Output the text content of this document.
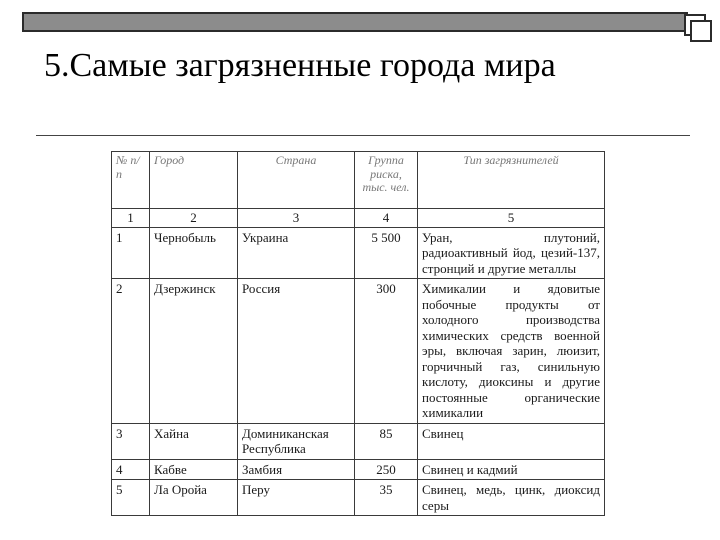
5.Самые загрязненные города мира
№ п/п	Город	Страна	Группа риска, тыс. чел.	Тип загрязнителей
1	2	3	4	5
1	Чернобыль	Украина	5 500	Уран, плутоний, радиоактивный йод, цезий-137, стронций и другие металлы
2	Дзержинск	Россия	300	Химикалии и ядовитые побочные продукты от холодного производства химических средств военной эры, включая зарин, люизит, горчичный газ, синильную кислоту, диоксины и другие постоянные органические химикалии
3	Хайна	Доминиканская Республика	85	Свинец
4	Кабве	Замбия	250	Свинец и кадмий
5	Ла Оройа	Перу	35	Свинец, медь, цинк, диоксид серы
